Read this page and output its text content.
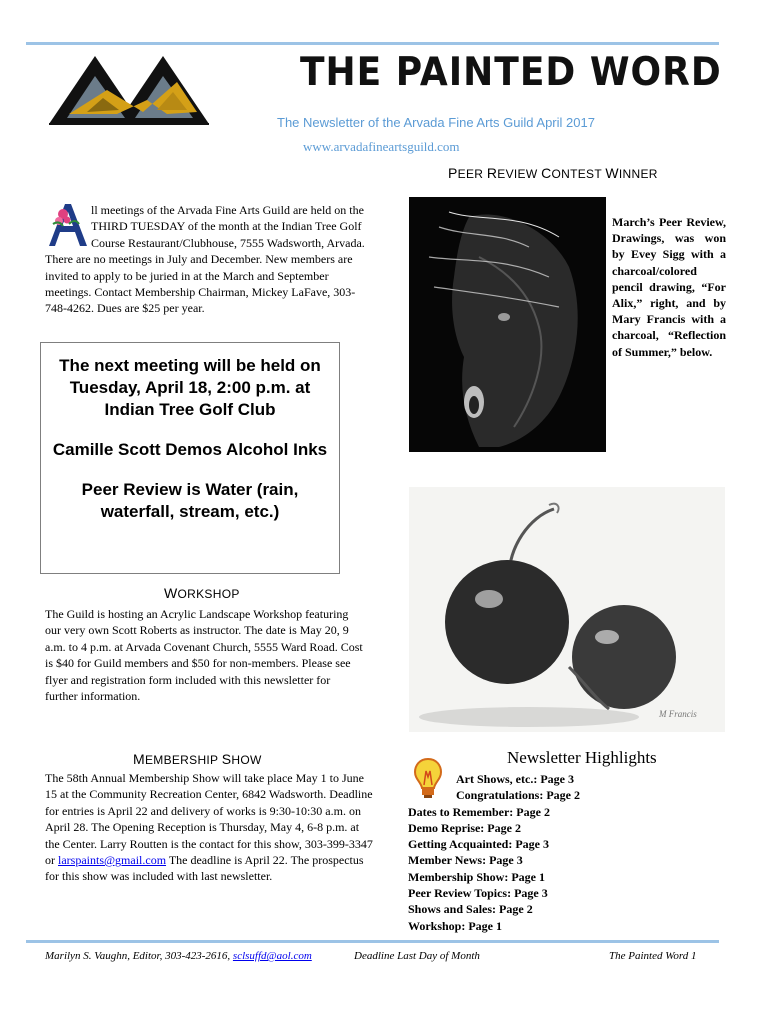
THE PAINTED WORD
The Newsletter of the Arvada Fine Arts Guild April 2017
www.arvadafineartsguild.com
PEER REVIEW CONTEST WINNER
ll meetings of the Arvada Fine Arts Guild are held on the THIRD TUESDAY of the month at the Indian Tree Golf Course Restaurant/Clubhouse, 7555 Wadsworth, Arvada. There are no meetings in July and December. New members are invited to apply to be juried in at the March and September meetings. Contact Membership Chairman, Mickey LaFave, 303-748-4262. Dues are $25 per year.

The next meeting will be held on Tuesday, April 18, 2:00 p.m. at Indian Tree Golf Club

Camille Scott Demos Alcohol Inks

Peer Review is Water (rain, waterfall, stream, etc.)

March’s Peer Review, Drawings, was won by Evey Sigg with a charcoal/colored pencil drawing, “For Alix,” right, and by Mary Francis with a charcoal, “Reflection of Summer,” below.
M Francis
WORKSHOP
The Guild is hosting an Acrylic Landscape Workshop featuring our very own Scott Roberts as instructor. The date is May 20, 9 a.m. to 4 p.m. at Arvada Covenant Church, 5555 Ward Road. Cost is $40 for Guild members and $50 for non-members. Please see flyer and registration form included with this newsletter for further information.
MEMBERSHIP SHOW
The 58th Annual Membership Show will take place May 1 to June 15 at the Community Recreation Center, 6842 Wadsworth. Deadline for entries is April 22 and delivery of works is 9:30-10:30 a.m. on April 28. The Opening Reception is Thursday, May 4, 6-8 p.m. at the Center. Larry Routten is the contact for this show, 303-399-3347 or larspaints@gmail.com The deadline is April 22. The prospectus for this show was included with last newsletter.
Newsletter Highlights
Art Shows, etc.: Page 3
Congratulations: Page 2
Dates to Remember: Page 2
Demo Reprise: Page 2
Getting Acquainted: Page 3
Member News: Page 3
Membership Show: Page 1
Peer Review Topics: Page 3
Shows and Sales: Page 2
Workshop: Page 1
Marilyn S. Vaughn, Editor, 303-423-2616, sclsuffd@aol.com	Deadline Last Day of Month	The Painted Word 1
